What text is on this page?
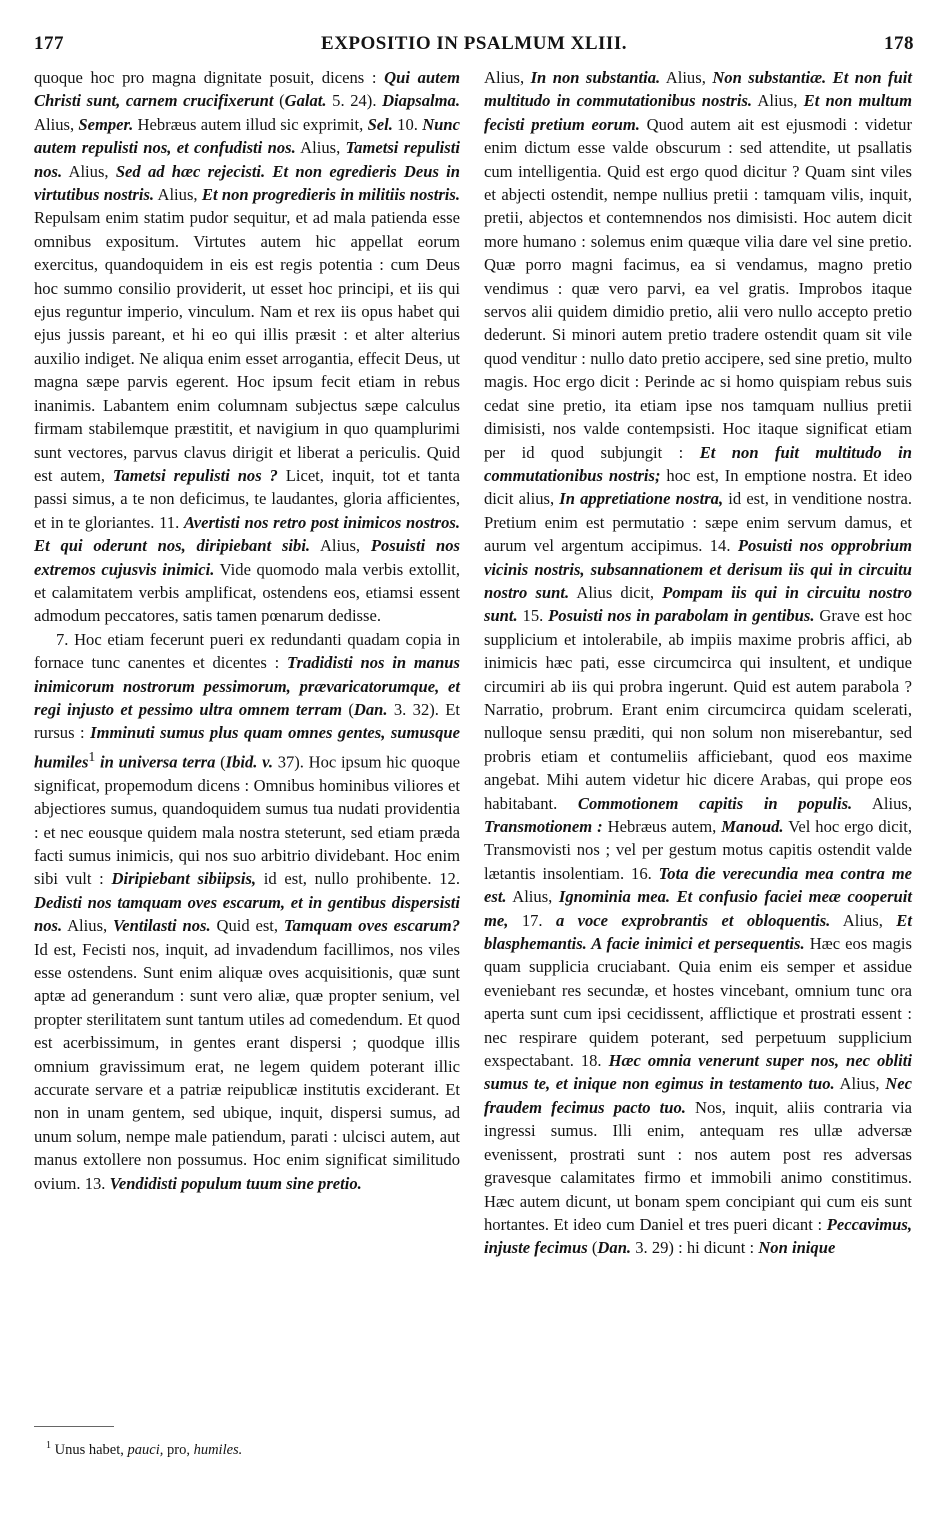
177	EXPOSITIO IN PSALMUM XLIII.	178

quoque hoc pro magna dignitate posuit, dicens : Qui autem Christi sunt, carnem crucifixerunt (Galat. 5. 24). Diapsalma. Alius, Semper. Hebræus autem illud sic exprimit, Sel. 10. Nunc autem repulisti nos, et confudisti nos. Alius, Tametsi repulisti nos. Alius, Sed ad hæc rejecisti. Et non egredieris Deus in virtutibus nostris. Alius, Et non progredieris in militiis nostris. Repulsam enim statim pudor sequitur, et ad mala patienda esse omnibus expositum. Virtutes autem hic appellat eorum exercitus, quandoquidem in eis est regis potentia : cum Deus hoc summo consilio providerit, ut esset hoc principi, et iis qui ejus reguntur imperio, vinculum. Nam et rex iis opus habet qui ejus jussis pareant, et hi eo qui illis præsit : et alter alterius auxilio indiget. Ne aliqua enim esset arrogantia, effecit Deus, ut magna sæpe parvis egerent. Hoc ipsum fecit etiam in rebus inanimis. Labantem enim columnam subjectus sæpe calculus firmam stabilemque præstitit, et navigium in quo quamplurimi sunt vectores, parvus clavus dirigit et liberat a periculis. Quid est autem, Tametsi repulisti nos ? Licet, inquit, tot et tanta passi simus, a te non deficimus, te laudantes, gloria afficientes, et in te gloriantes. 11. Avertisti nos retro post inimicos nostros. Et qui oderunt nos, diripiebant sibi. Alius, Posuisti nos extremos cujusvis inimici. Vide quomodo mala verbis extollit, et calamitatem verbis amplificat, ostendens eos, etiamsi essent admodum peccatores, satis tamen pœnarum dedisse.

7. Hoc etiam fecerunt pueri ex redundanti quadam copia in fornace tunc canentes et dicentes : Tradidisti nos in manus inimicorum nostrorum pessimorum, prævaricatorumque, et regi injusto et pessimo ultra omnem terram (Dan. 3. 32). Et rursus : Imminuti sumus plus quam omnes gentes, sumusque humiles$^1$ in universa terra (Ibid. v. 37). Hoc ipsum hic quoque significat, propemodum dicens : Omnibus hominibus viliores et abjectiores sumus, quandoquidem sumus tua nudati providentia : et nec eousque quidem mala nostra steterunt, sed etiam præda facti sumus inimicis, qui nos suo arbitrio dividebant. Hoc enim sibi vult : Diripiebant sibiipsis, id est, nullo prohibente. 12. Dedisti nos tamquam oves escarum, et in gentibus dispersisti nos. Alius, Ventilasti nos. Quid est, Tamquam oves escarum? Id est, Fecisti nos, inquit, ad invadendum facillimos, nos viles esse ostendens. Sunt enim aliquæ oves acquisitionis, quæ sunt aptæ ad generandum : sunt vero aliæ, quæ propter senium, vel propter sterilitatem sunt tantum utiles ad comedendum. Et quod est acerbissimum, in gentes erant dispersi ; quodque illis omnium gravissimum erat, ne legem quidem poterant illic accurate servare et a patriæ reipublicæ institutis exciderant. Et non in unam gentem, sed ubique, inquit, dispersi sumus, ad unum solum, nempe male patiendum, parati : ulcisci autem, aut manus extollere non possumus. Hoc enim significat similitudo ovium. 13. Vendidisti populum tuum sine pretio.

Alius, In non substantia. Alius, Non substantiæ. Et non fuit multitudo in commutationibus nostris. Alius, Et non multum fecisti pretium eorum. Quod autem ait est ejusmodi : videtur enim dictum esse valde obscurum : sed attendite, ut psallatis cum intelligentia. Quid est ergo quod dicitur ? Quam sint viles et abjecti ostendit, nempe nullius pretii : tamquam vilis, inquit, pretii, abjectos et contemnendos nos dimisisti. Hoc autem dicit more humano : solemus enim quæque vilia dare vel sine pretio. Quæ porro magni facimus, ea si vendamus, magno pretio vendimus : quæ vero parvi, ea vel gratis. Improbos itaque servos alii quidem dimidio pretio, alii vero nullo accepto pretio dederunt. Si minori autem pretio tradere ostendit quam sit vile quod venditur : nullo dato pretio accipere, sed sine pretio, multo magis. Hoc ergo dicit : Perinde ac si homo quispiam rebus suis cedat sine pretio, ita etiam ipse nos tamquam nullius pretii dimisisti, nos valde contempsisti. Hoc itaque significat etiam per id quod subjungit : Et non fuit multitudo in commutationibus nostris; hoc est, In emptione nostra. Et ideo dicit alius, In appretiatione nostra, id est, in venditione nostra. Pretium enim est permutatio : sæpe enim servum damus, et aurum vel argentum accipimus. 14. Posuisti nos opprobrium vicinis nostris, subsannationem et derisum iis qui in circuitu nostro sunt. Alius dicit, Pompam iis qui in circuitu nostro sunt. 15. Posuisti nos in parabolam in gentibus. Grave est hoc supplicium et intolerabile, ab impiis maxime probris affici, ab inimicis hæc pati, esse circumcirca qui insultent, et undique circumiri ab iis qui probra ingerunt. Quid est autem parabola ? Narratio, probrum. Erant enim circumcirca quidam scelerati, nulloque sensu præditi, qui non solum non miserebantur, sed probris etiam et contumeliis afficiebant, quod eos maxime angebat. Mihi autem videtur hic dicere Arabas, qui prope eos habitabant. Commotionem capitis in populis. Alius, Transmotionem : Hebræus autem, Manoud. Vel hoc ergo dicit, Transmovisti nos ; vel per gestum motus capitis ostendit valde lætantis insolentiam. 16. Tota die verecundia mea contra me est. Alius, Ignominia mea. Et confusio faciei meæ cooperuit me, 17. a voce exprobrantis et obloquentis. Alius, Et blasphemantis. A facie inimici et persequentis. Hæc eos magis quam supplicia cruciabant. Quia enim eis semper et assidue eveniebant res secundæ, et hostes vincebant, omnium tunc ora aperta sunt cum ipsi cecidissent, afflictique et prostrati essent : nec respirare quidem poterant, sed perpetuum supplicium exspectabant. 18. Hæc omnia venerunt super nos, nec obliti sumus te, et inique non egimus in testamento tuo. Alius, Nec fraudem fecimus pacto tuo. Nos, inquit, aliis contraria via ingressi sumus. Illi enim, antequam res ullæ adversæ evenissent, prostrati sunt : nos autem post res adversas gravesque calamitates firmo et immobili animo constitimus. Hæc autem dicunt, ut bonam spem concipiant qui cum eis sunt hortantes. Et ideo cum Daniel et tres pueri dicant : Peccavimus, injuste fecimus (Dan. 3. 29) : hi dicunt : Non inique

$^1$ Unus habet, pauci, pro, humiles.
